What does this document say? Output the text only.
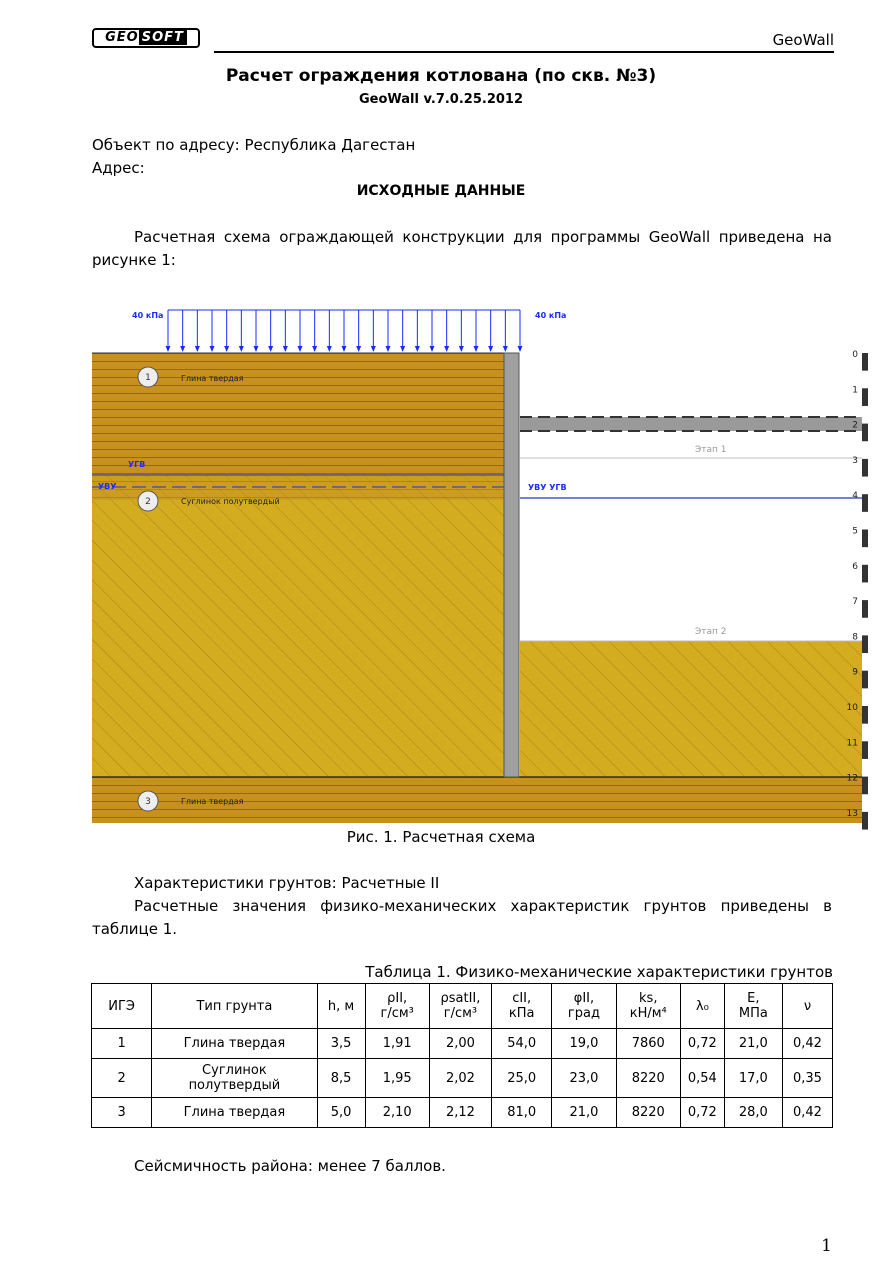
GEO SOFT	GeoWall
Расчет ограждения котлована (по скв. №3)
GeoWall v.7.0.25.2012
Объект по адресу: Республика Дагестан
Адрес:
ИСХОДНЫЕ ДАННЫЕ
Расчетная схема ограждающей конструкции для программы GeoWall приведена на рисунке 1:
Этап 1
Этап 2
40 кПа	40 кПа
УГВ
УВУ	УВУ УГВ
1	Глина твердая
2	Суглинок полутвердый
3	Глина твердая
0
1
2
3
4
5
6
7
8
9
10
11
12
13
Рис. 1. Расчетная схема
Характеристики грунтов: Расчетные II
Расчетные значения физико-механических характеристик грунтов приведены в таблице 1.
Таблица 1. Физико-механические характеристики грунтов
ИГЭ	Тип грунта	h, м	ρII,
г/см³	ρsatII,
г/см³	cII,
кПа	φII,
град	ks,
кН/м⁴	λ₀	E,
МПа	ν
1	Глина твердая	3,5	1,91	2,00	54,0	19,0	7860	0,72	21,0	0,42
2	Суглинок полутвердый	8,5	1,95	2,02	25,0	23,0	8220	0,54	17,0	0,35
3	Глина твердая	5,0	2,10	2,12	81,0	21,0	8220	0,72	28,0	0,42
Сейсмичность района: менее 7 баллов.
1
